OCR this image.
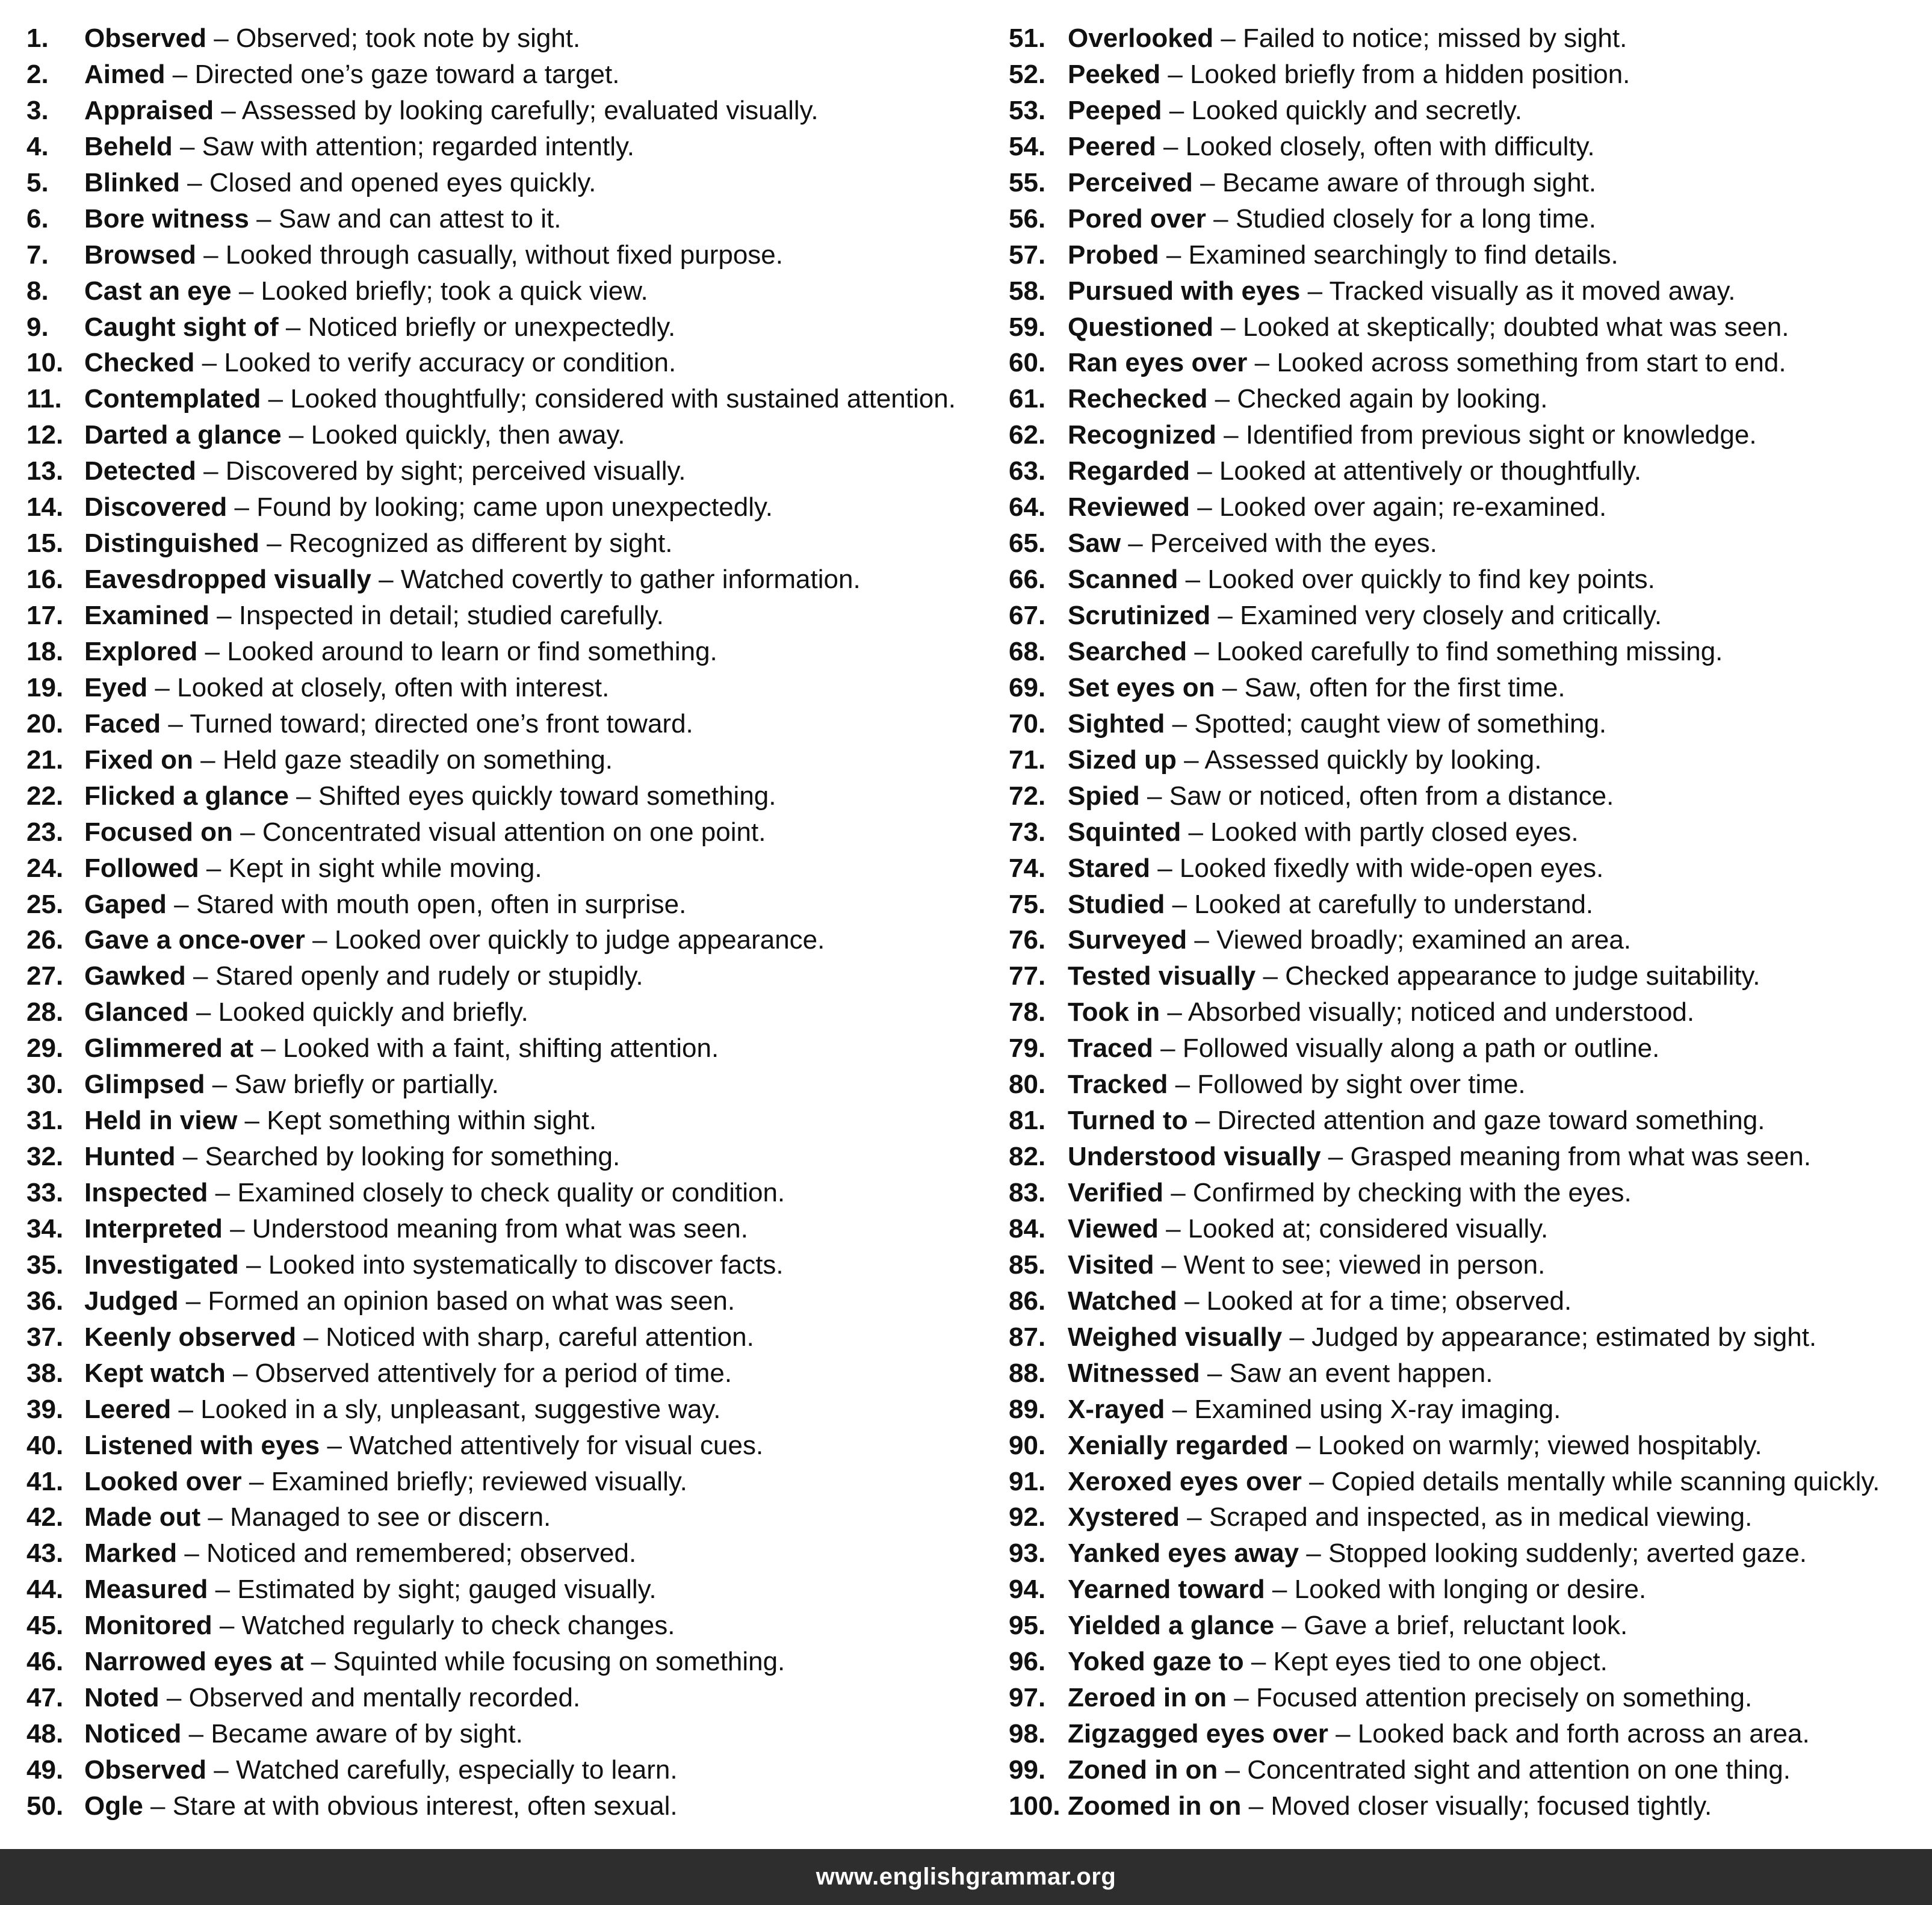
1. Observed – Observed; took note by sight.
2. Aimed – Directed one’s gaze toward a target.
3. Appraised – Assessed by looking carefully; evaluated visually.
4. Beheld – Saw with attention; regarded intently.
5. Blinked – Closed and opened eyes quickly.
6. Bore witness – Saw and can attest to it.
7. Browsed – Looked through casually, without fixed purpose.
8. Cast an eye – Looked briefly; took a quick view.
9. Caught sight of – Noticed briefly or unexpectedly.
10. Checked – Looked to verify accuracy or condition.
11. Contemplated – Looked thoughtfully; considered with sustained attention.
12. Darted a glance – Looked quickly, then away.
13. Detected – Discovered by sight; perceived visually.
14. Discovered – Found by looking; came upon unexpectedly.
15. Distinguished – Recognized as different by sight.
16. Eavesdropped visually – Watched covertly to gather information.
17. Examined – Inspected in detail; studied carefully.
18. Explored – Looked around to learn or find something.
19. Eyed – Looked at closely, often with interest.
20. Faced – Turned toward; directed one’s front toward.
21. Fixed on – Held gaze steadily on something.
22. Flicked a glance – Shifted eyes quickly toward something.
23. Focused on – Concentrated visual attention on one point.
24. Followed – Kept in sight while moving.
25. Gaped – Stared with mouth open, often in surprise.
26. Gave a once-over – Looked over quickly to judge appearance.
27. Gawked – Stared openly and rudely or stupidly.
28. Glanced – Looked quickly and briefly.
29. Glimmered at – Looked with a faint, shifting attention.
30. Glimpsed – Saw briefly or partially.
31. Held in view – Kept something within sight.
32. Hunted – Searched by looking for something.
33. Inspected – Examined closely to check quality or condition.
34. Interpreted – Understood meaning from what was seen.
35. Investigated – Looked into systematically to discover facts.
36. Judged – Formed an opinion based on what was seen.
37. Keenly observed – Noticed with sharp, careful attention.
38. Kept watch – Observed attentively for a period of time.
39. Leered – Looked in a sly, unpleasant, suggestive way.
40. Listened with eyes – Watched attentively for visual cues.
41. Looked over – Examined briefly; reviewed visually.
42. Made out – Managed to see or discern.
43. Marked – Noticed and remembered; observed.
44. Measured – Estimated by sight; gauged visually.
45. Monitored – Watched regularly to check changes.
46. Narrowed eyes at – Squinted while focusing on something.
47. Noted – Observed and mentally recorded.
48. Noticed – Became aware of by sight.
49. Observed – Watched carefully, especially to learn.
50. Ogle – Stare at with obvious interest, often sexual.
51. Overlooked – Failed to notice; missed by sight.
52. Peeked – Looked briefly from a hidden position.
53. Peeped – Looked quickly and secretly.
54. Peered – Looked closely, often with difficulty.
55. Perceived – Became aware of through sight.
56. Pored over – Studied closely for a long time.
57. Probed – Examined searchingly to find details.
58. Pursued with eyes – Tracked visually as it moved away.
59. Questioned – Looked at skeptically; doubted what was seen.
60. Ran eyes over – Looked across something from start to end.
61. Rechecked – Checked again by looking.
62. Recognized – Identified from previous sight or knowledge.
63. Regarded – Looked at attentively or thoughtfully.
64. Reviewed – Looked over again; re-examined.
65. Saw – Perceived with the eyes.
66. Scanned – Looked over quickly to find key points.
67. Scrutinized – Examined very closely and critically.
68. Searched – Looked carefully to find something missing.
69. Set eyes on – Saw, often for the first time.
70. Sighted – Spotted; caught view of something.
71. Sized up – Assessed quickly by looking.
72. Spied – Saw or noticed, often from a distance.
73. Squinted – Looked with partly closed eyes.
74. Stared – Looked fixedly with wide-open eyes.
75. Studied – Looked at carefully to understand.
76. Surveyed – Viewed broadly; examined an area.
77. Tested visually – Checked appearance to judge suitability.
78. Took in – Absorbed visually; noticed and understood.
79. Traced – Followed visually along a path or outline.
80. Tracked – Followed by sight over time.
81. Turned to – Directed attention and gaze toward something.
82. Understood visually – Grasped meaning from what was seen.
83. Verified – Confirmed by checking with the eyes.
84. Viewed – Looked at; considered visually.
85. Visited – Went to see; viewed in person.
86. Watched – Looked at for a time; observed.
87. Weighed visually – Judged by appearance; estimated by sight.
88. Witnessed – Saw an event happen.
89. X-rayed – Examined using X-ray imaging.
90. Xenially regarded – Looked on warmly; viewed hospitably.
91. Xeroxed eyes over – Copied details mentally while scanning quickly.
92. Xystered – Scraped and inspected, as in medical viewing.
93. Yanked eyes away – Stopped looking suddenly; averted gaze.
94. Yearned toward – Looked with longing or desire.
95. Yielded a glance – Gave a brief, reluctant look.
96. Yoked gaze to – Kept eyes tied to one object.
97. Zeroed in on – Focused attention precisely on something.
98. Zigzagged eyes over – Looked back and forth across an area.
99. Zoned in on – Concentrated sight and attention on one thing.
100. Zoomed in on – Moved closer visually; focused tightly.
www.englishgrammar.org
